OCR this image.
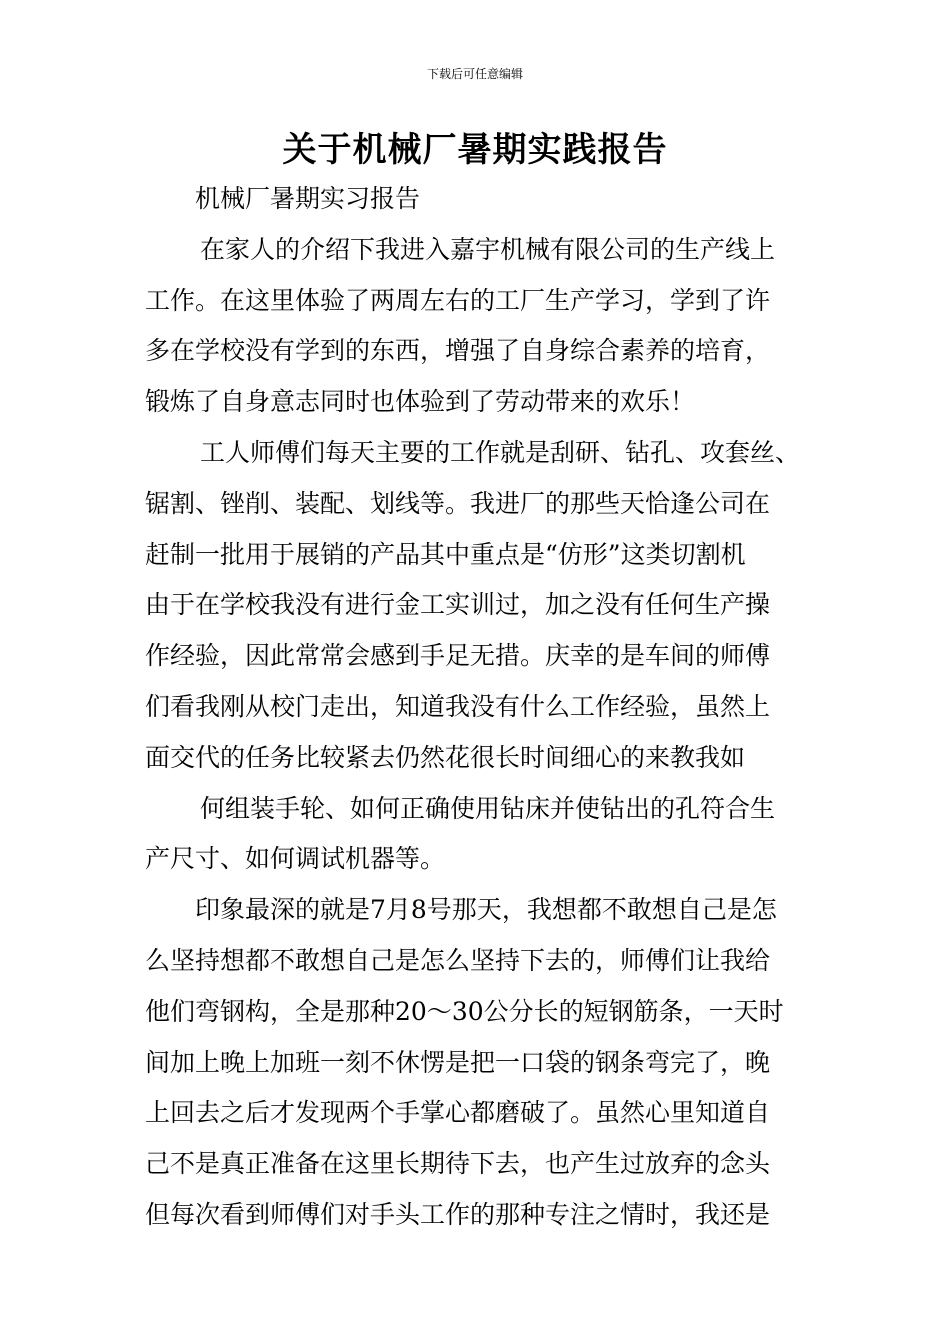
下载后可任意编辑
关于机械厂暑期实践报告
机械厂暑期实习报告
在家人的介绍下我进入嘉宇机械有限公司的生产线上
工作。在这里体验了两周左右的工厂生产学习，学到了许
多在学校没有学到的东西，增强了自身综合素养的培育，
锻炼了自身意志同时也体验到了劳动带来的欢乐！
工人师傅们每天主要的工作就是刮研、钻孔、攻套丝、
锯割、锉削、装配、划线等。我进厂的那些天恰逢公司在
赶制一批用于展销的产品其中重点是“仿形”这类切割机
由于在学校我没有进行金工实训过，加之没有任何生产操
作经验，因此常常会感到手足无措。庆幸的是车间的师傅
们看我刚从校门走出，知道我没有什么工作经验，虽然上
面交代的任务比较紧去仍然花很长时间细心的来教我如
何组装手轮、如何正确使用钻床并使钻出的孔符合生
产尺寸、如何调试机器等。
印象最深的就是7月8号那天，我想都不敢想自己是怎
么坚持想都不敢想自己是怎么坚持下去的，师傅们让我给
他们弯钢构，全是那种20～30公分长的短钢筋条，一天时
间加上晚上加班一刻不休愣是把一口袋的钢条弯完了，晚
上回去之后才发现两个手掌心都磨破了。虽然心里知道自
己不是真正准备在这里长期待下去，也产生过放弃的念头
但每次看到师傅们对手头工作的那种专注之情时，我还是
